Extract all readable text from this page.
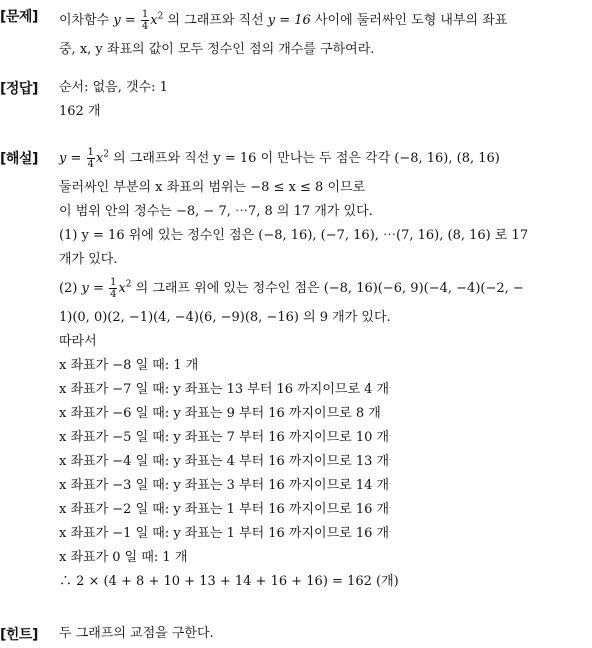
[문제] 이차함수 $y = \frac{1}{4} x^2$ 의 그래프와 직선 y = 16 사이에 둘러싸인 도형 내부의 좌표
중, x, y 좌표의 값이 모두 정수인 점의 개수를 구하여라.
[정답] 순서: 없음, 갯수: 1
162 개
[해설] $y = \frac{1}{4} x^2$ 의 그래프와 직선 y = 16 이 만나는 두 점은 각각 (−8, 16), (8, 16)
둘러싸인 부분의 x 좌표의 범위는 −8 ≤ x ≤ 8 이므로
이 범위 안의 정수는 −8, − 7, ⋯7, 8 의 17 개가 있다.
(1) y = 16 위에 있는 정수인 점은 (−8, 16), (−7, 16), ⋯(7, 16), (8, 16) 로 17
개가 있다.
(2) $y = \frac{1}{4} x^2$ 의 그래프 위에 있는 정수인 점은 (−8, 16)(−6, 9)(−4, −4)(−2, −
1)(0, 0)(2, −1)(4, −4)(6, −9)(8, −16) 의 9 개가 있다.
따라서
x 좌표가 −8 일 때: 1 개
x 좌표가 −7 일 때: y 좌표는 13 부터 16 까지이므로 4 개
x 좌표가 −6 일 때: y 좌표는 9 부터 16 까지이므로 8 개
x 좌표가 −5 일 때: y 좌표는 7 부터 16 까지이므로 10 개
x 좌표가 −4 일 때: y 좌표는 4 부터 16 까지이므로 13 개
x 좌표가 −3 일 때: y 좌표는 3 부터 16 까지이므로 14 개
x 좌표가 −2 일 때: y 좌표는 1 부터 16 까지이므로 16 개
x 좌표가 −1 일 때: y 좌표는 1 부터 16 까지이므로 16 개
x 좌표가 0 일 때: 1 개
∴ 2 × (4 + 8 + 10 + 13 + 14 + 16 + 16) = 162 (개)
[힌트] 두 그래프의 교점을 구한다.
